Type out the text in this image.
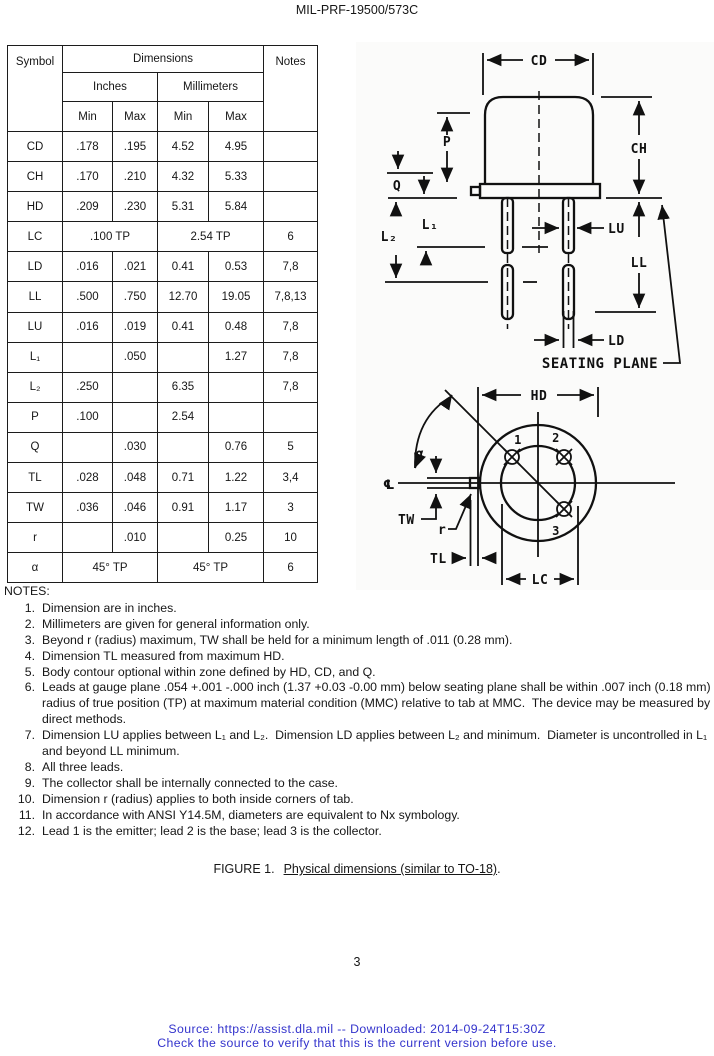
MIL-PRF-19500/573C
Symbol	Dimensions				Notes
	Inches		Millimeters		
	Min	Max	Min	Max	
CD	.178	.195	4.52	4.95	
CH	.170	.210	4.32	5.33	
HD	.209	.230	5.31	5.84	
LC	.100 TP		2.54 TP		6
LD	.016	.021	0.41	0.53	7,8
LL	.500	.750	12.70	19.05	7,8,13
LU	.016	.019	0.41	0.48	7,8
L₁		.050		1.27	7,8
L₂	.250		6.35		7,8
P	.100		2.54		
Q		.030		0.76	5
TL	.028	.048	0.71	1.22	3,4
TW	.036	.046	0.91	1.17	3
r		.010		0.25	10
α	45° TP		45° TP		6
CD
CH
LL
P
Q
L₁
L₂
LU
LD
SEATING PLANE
HD
1	2
3
α
℄
TW
r
TL
LC
NOTES:
1. Dimension are in inches.
2. Millimeters are given for general information only.
3. Beyond r (radius) maximum, TW shall be held for a minimum length of .011 (0.28 mm).
4. Dimension TL measured from maximum HD.
5. Body contour optional within zone defined by HD, CD, and Q.
6. Leads at gauge plane .054 +.001 -.000 inch (1.37 +0.03 -0.00 mm) below seating plane shall be within .007 inch (0.18 mm) radius of true position (TP) at maximum material condition (MMC) relative to tab at MMC.  The device may be measured by direct methods.
7. Dimension LU applies between L₁ and L₂.  Dimension LD applies between L₂ and minimum.  Diameter is uncontrolled in L₁ and beyond LL minimum.
8. All three leads.
9. The collector shall be internally connected to the case.
10. Dimension r (radius) applies to both inside corners of tab.
11. In accordance with ANSI Y14.5M, diameters are equivalent to Nx symbology.
12. Lead 1 is the emitter; lead 2 is the base; lead 3 is the collector.
FIGURE 1. Physical dimensions (similar to TO-18).
3
Source: https://assist.dla.mil -- Downloaded: 2014-09-24T15:30Z
Check the source to verify that this is the current version before use.
